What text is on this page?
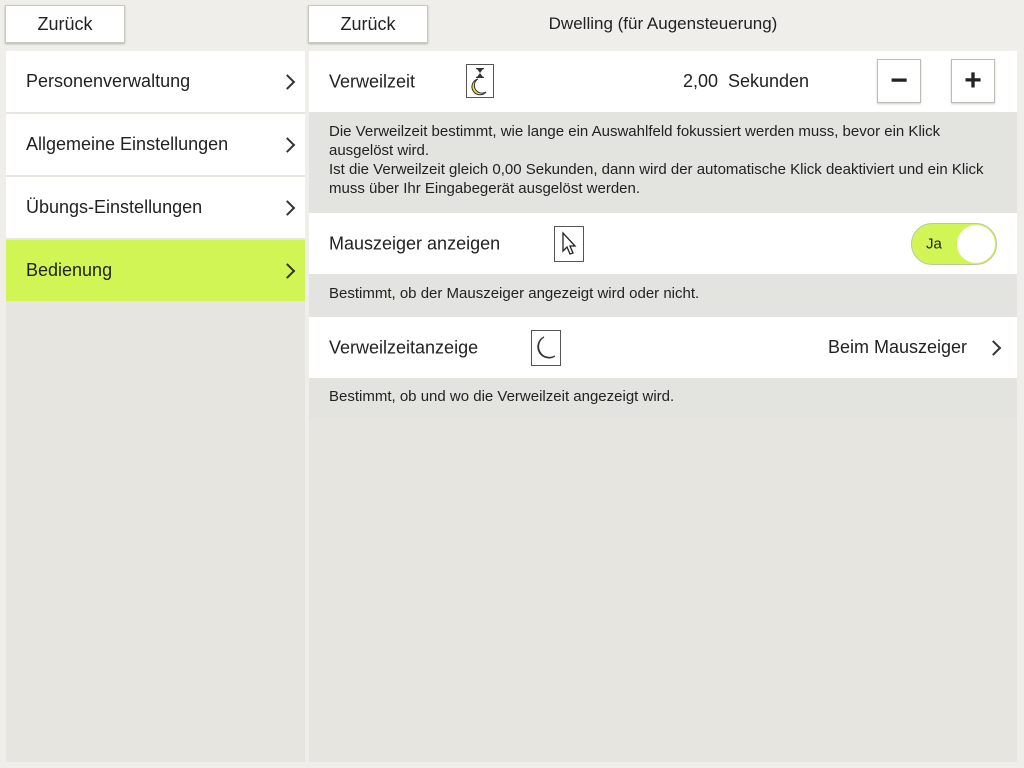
Zurück	Zurück	Dwelling (für Augensteuerung)
Personenverwaltung
Allgemeine Einstellungen
Übungs-Einstellungen
Bedienung
Verweilzeit	2,00 Sekunden	− +
Die Verweilzeit bestimmt, wie lange ein Auswahlfeld fokussiert werden muss, bevor ein Klick ausgelöst wird.
Ist die Verweilzeit gleich 0,00 Sekunden, dann wird der automatische Klick deaktiviert und ein Klick muss über Ihr Eingabegerät ausgelöst werden.
Mauszeiger anzeigen	Ja
Bestimmt, ob der Mauszeiger angezeigt wird oder nicht.
Verweilzeitanzeige	Beim Mauszeiger
Bestimmt, ob und wo die Verweilzeit angezeigt wird.
